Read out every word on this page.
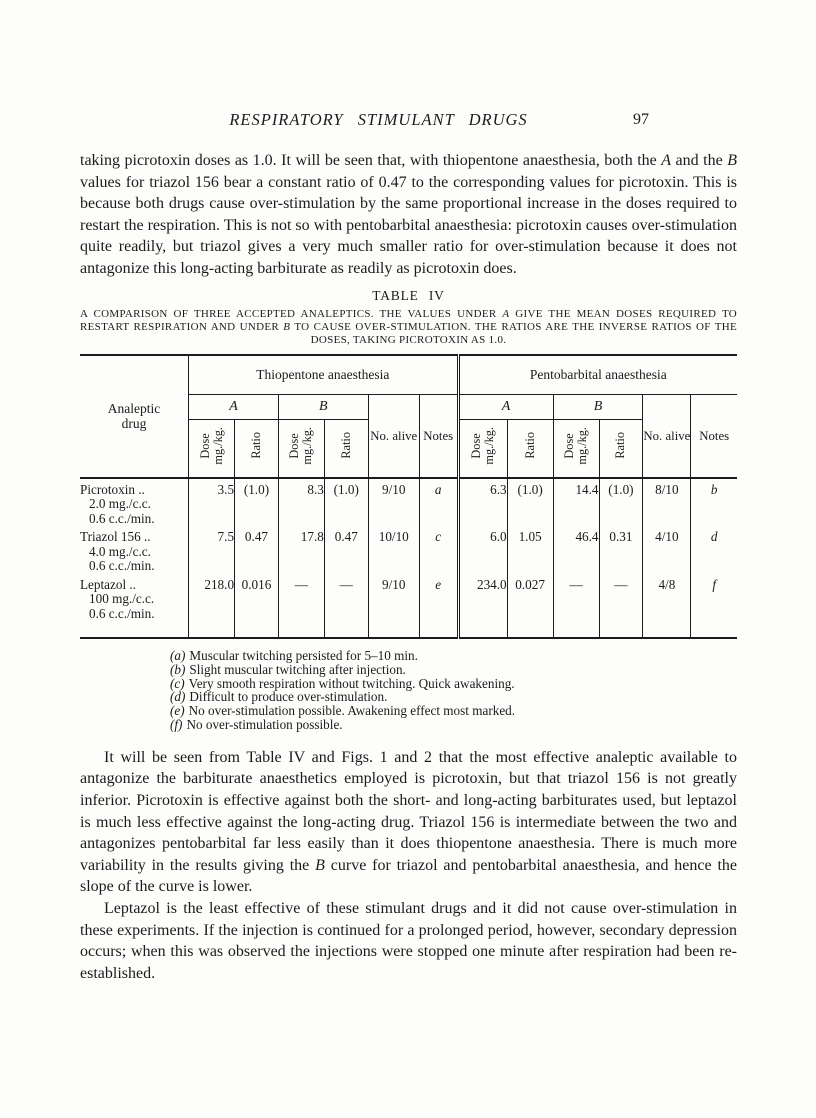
RESPIRATORY STIMULANT DRUGS	97

taking picrotoxin doses as 1.0. It will be seen that, with thiopentone anaesthesia, both the A and the B values for triazol 156 bear a constant ratio of 0.47 to the corresponding values for picrotoxin. This is because both drugs cause over-stimulation by the same proportional increase in the doses required to restart the respiration. This is not so with pentobarbital anaesthesia: picrotoxin causes over-stimulation quite readily, but triazol gives a very much smaller ratio for over-stimulation because it does not antagonize this long-acting barbiturate as readily as picrotoxin does.

TABLE IV
A COMPARISON OF THREE ACCEPTED ANALEPTICS. THE VALUES UNDER A GIVE THE MEAN DOSES REQUIRED TO RESTART RESPIRATION AND UNDER B TO CAUSE OVER-STIMULATION. THE RATIOS ARE THE INVERSE RATIOS OF THE DOSES, TAKING PICROTOXIN AS 1.0.
Analeptic drug	Thiopentone anaesthesia						Pentobarbital anaesthesia					
	A		B		No. alive	Notes	A		B		No. alive	Notes
	Dose
mg./kg.	Ratio	Dose
mg./kg.	Ratio			Dose
mg./kg.	Ratio	Dose
mg./kg.	Ratio		

Picrotoxin ..
2.0 mg./c.c.
0.6 c.c./min.	3.5	(1.0)	8.3	(1.0)	9/10	a	6.3	(1.0)	14.4	(1.0)	8/10	b

Triazol 156 ..
4.0 mg./c.c.
0.6 c.c./min.	7.5	0.47	17.8	0.47	10/10	c	6.0	1.05	46.4	0.31	4/10	d

Leptazol ..
100 mg./c.c.
0.6 c.c./min.	218.0	0.016	—	—	9/10	e	234.0	0.027	—	—	4/8	f
(a) Muscular twitching persisted for 5–10 min.
(b) Slight muscular twitching after injection.
(c) Very smooth respiration without twitching. Quick awakening.
(d) Difficult to produce over-stimulation.
(e) No over-stimulation possible. Awakening effect most marked.
(f) No over-stimulation possible.

It will be seen from Table IV and Figs. 1 and 2 that the most effective analeptic available to antagonize the barbiturate anaesthetics employed is picrotoxin, but that triazol 156 is not greatly inferior. Picrotoxin is effective against both the short- and long-acting barbiturates used, but leptazol is much less effective against the long-acting drug. Triazol 156 is intermediate between the two and antagonizes pentobarbital far less easily than it does thiopentone anaesthesia. There is much more variability in the results giving the B curve for triazol and pentobarbital anaesthesia, and hence the slope of the curve is lower.

Leptazol is the least effective of these stimulant drugs and it did not cause over-stimulation in these experiments. If the injection is continued for a prolonged period, however, secondary depression occurs; when this was observed the injections were stopped one minute after respiration had been re-established.
